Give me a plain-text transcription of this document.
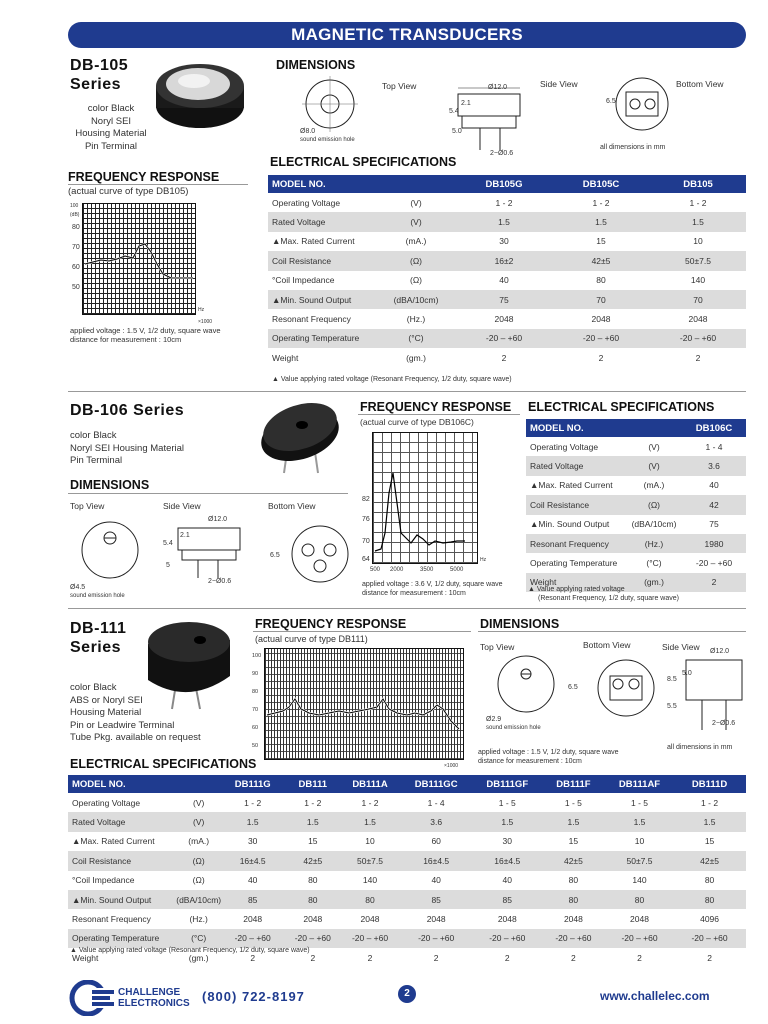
MAGNETIC TRANSDUCERS
DB-105
Series
color Black
Noryl SEI
Housing Material
Pin Terminal
DIMENSIONS
Top View	Side View	Bottom View
Ø12.0
5.4
2.1
5.0
2−Ø0.6
6.5
Ø8.0
sound emission hole
all dimensions in mm
FREQUENCY RESPONSE
(actual curve of type DB105)
100 (dB)
80
70
60
50
Hz
×1000
applied voltage : 1.5 V, 1/2 duty, square wave
distance for measurement : 10cm
ELECTRICAL SPECIFICATIONS
MODEL NO.		DB105G	DB105C	DB105
Operating Voltage	(V)	1 - 2	1 - 2	1 - 2
Rated Voltage	(V)	1.5	1.5	1.5
▲Max. Rated Current	(mA.)	30	15	10
Coil Resistance	(Ω)	16±2	42±5	50±7.5
°Coil Impedance	(Ω)	40	80	140
▲Min. Sound Output	(dBA/10cm)	75	70	70
Resonant Frequency	(Hz.)	2048	2048	2048
Operating Temperature	(°C)	-20 – +60	-20 – +60	-20 – +60
Weight	(gm.)	2	2	2
▲ Value applying rated voltage (Resonant Frequency, 1/2 duty, square wave)
DB-106 Series
color Black
Noryl SEI Housing Material
Pin Terminal
DIMENSIONS
Top View	Side View	Bottom View
Ø12.0
2.1
5.4
5
2−Ø0.6
6.5
Ø4.5
sound emission hole
FREQUENCY RESPONSE
(actual curve of type DB106C)
82
76
70
64
500 2000	3500	5000
Hz
applied voltage : 3.6 V, 1/2 duty, square wave
distance for measurement : 10cm
ELECTRICAL SPECIFICATIONS
MODEL NO.		DB106C
Operating Voltage	(V)	1 - 4
Rated Voltage	(V)	3.6
▲Max. Rated Current	(mA.)	40
Coil Resistance	(Ω)	42
▲Min. Sound Output	(dBA/10cm)	75
Resonant Frequency	(Hz.)	1980
Operating Temperature	(°C)	-20 – +60
Weight	(gm.)	2
▲ Value applying rated voltage
(Resonant Frequency, 1/2 duty, square wave)
DB-111
Series
color Black
ABS or Noryl SEI
Housing Material
Pin or Leadwire Terminal
Tube Pkg. available on request
FREQUENCY RESPONSE
(actual curve of type DB111)
100
90
80
70
60
50
×1000
applied voltage : 1.5 V, 1/2 duty, square wave
distance for measurement : 10cm
DIMENSIONS
Top View	Bottom View	Side View Ø12.0
5.0
8.5
5.5
2−Ø0.6
6.5
Ø2.9
sound emission hole
all dimensions in mm
ELECTRICAL SPECIFICATIONS
MODEL NO.		DB111G	DB111	DB111A	DB111GC	DB111GF	DB111F	DB111AF	DB111D
Operating Voltage	(V)	1 - 2	1 - 2	1 - 2	1 - 4	1 - 5	1 - 5	1 - 5	1 - 2
Rated Voltage	(V)	1.5	1.5	1.5	3.6	1.5	1.5	1.5	1.5
▲Max. Rated Current	(mA.)	30	15	10	60	30	15	10	15
Coil Resistance	(Ω)	16±4.5	42±5	50±7.5	16±4.5	16±4.5	42±5	50±7.5	42±5
°Coil Impedance	(Ω)	40	80	140	40	40	80	140	80
▲Min. Sound Output	(dBA/10cm)	85	80	80	85	85	80	80	80
Resonant Frequency	(Hz.)	2048	2048	2048	2048	2048	2048	2048	4096
Operating Temperature	(°C)	-20 – +60	-20 – +60	-20 – +60	-20 – +60	-20 – +60	-20 – +60	-20 – +60	-20 – +60
Weight	(gm.)	2	2	2	2	2	2	2	2
▲ Value applying rated voltage (Resonant Frequency, 1/2 duty, square wave)
CHALLENGE
ELECTRONICS (800) 722-8197	2	www.challelec.com
